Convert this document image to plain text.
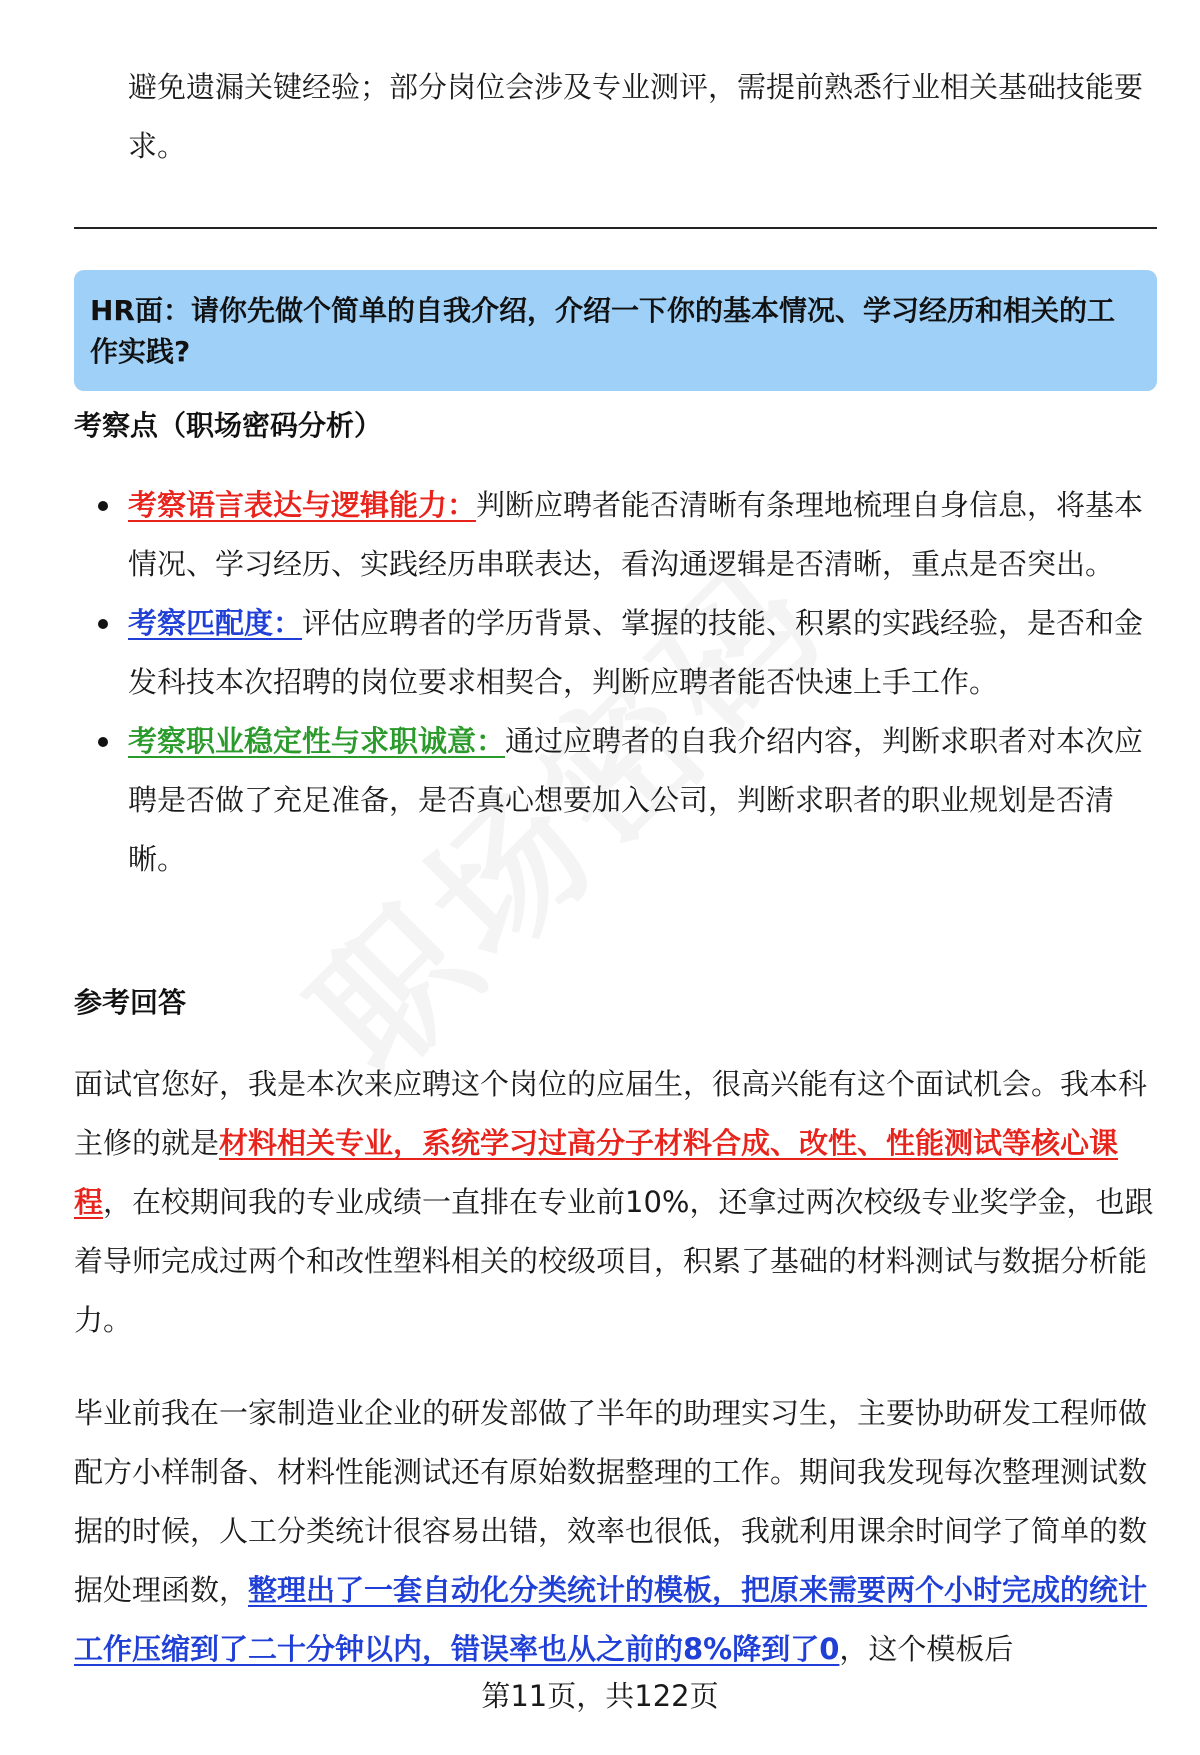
避免遗漏关键经验；部分岗位会涉及专业测评，需提前熟悉行业相关基础技能要求。

HR面：请你先做个简单的自我介绍，介绍一下你的基本情况、学习经历和相关的工作实践?

考察点（职场密码分析）
考察语言表达与逻辑能力：判断应聘者能否清晰有条理地梳理自身信息，将基本情况、学习经历、实践经历串联表达，看沟通逻辑是否清晰，重点是否突出。
考察匹配度：评估应聘者的学历背景、掌握的技能、积累的实践经验，是否和金发科技本次招聘的岗位要求相契合，判断应聘者能否快速上手工作。
考察职业稳定性与求职诚意：通过应聘者的自我介绍内容，判断求职者对本次应聘是否做了充足准备，是否真心想要加入公司，判断求职者的职业规划是否清晰。
参考回答

面试官您好，我是本次来应聘这个岗位的应届生，很高兴能有这个面试机会。我本科主修的就是材料相关专业，系统学习过高分子材料合成、改性、性能测试等核心课程，在校期间我的专业成绩一直排在专业前10%，还拿过两次校级专业奖学金，也跟着导师完成过两个和改性塑料相关的校级项目，积累了基础的材料测试与数据分析能力。

毕业前我在一家制造业企业的研发部做了半年的助理实习生，主要协助研发工程师做配方小样制备、材料性能测试还有原始数据整理的工作。期间我发现每次整理测试数据的时候，人工分类统计很容易出错，效率也很低，我就利用课余时间学了简单的数据处理函数，整理出了一套自动化分类统计的模板，把原来需要两个小时完成的统计工作压缩到了二十分钟以内，错误率也从之前的8%降到了0，这个模板后

第11页，共122页
